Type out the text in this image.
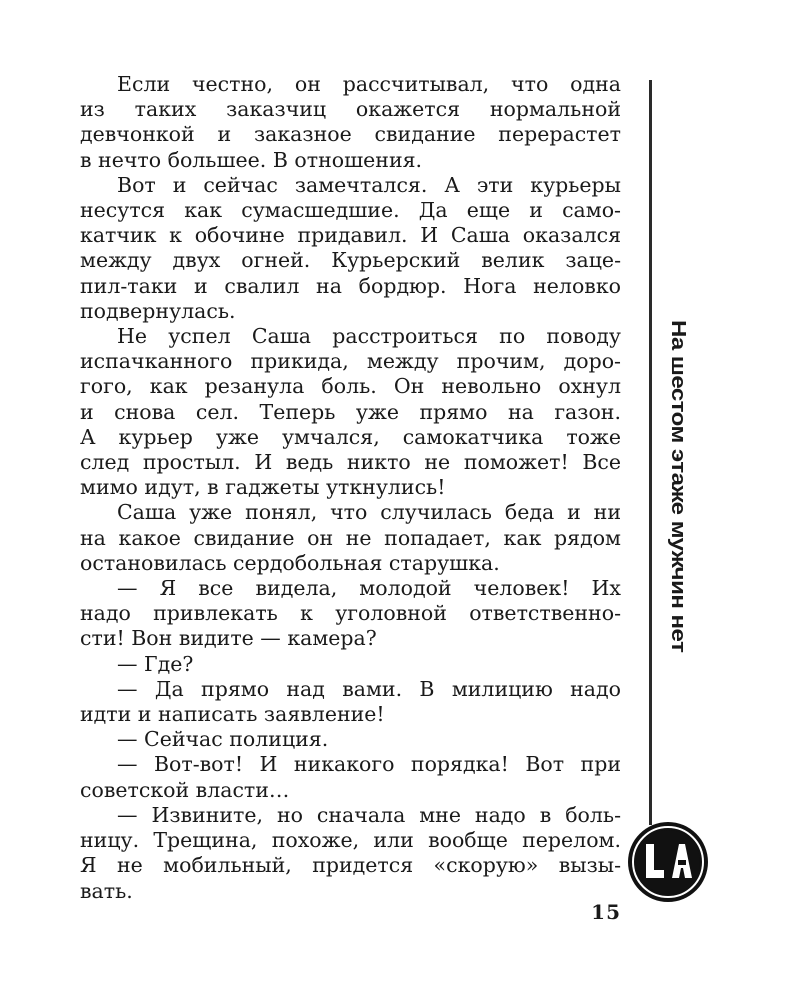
Если честно, он рассчитывал, что одна
из таких заказчиц окажется нормальной
девчонкой и заказное свидание перерастет
в нечто большее. В отношения.
Вот и сейчас замечтался. А эти курьеры
несутся как сумасшедшие. Да еще и само-
катчик к обочине придавил. И Саша оказался
между двух огней. Курьерский велик зацe-
пил-таки и свалил на бордюр. Нога неловко
подвернулась.
Не успел Саша расстроиться по поводу
испачканного прикида, между прочим, доро-
гого, как резанула боль. Он невольно охнул
и снова сел. Теперь уже прямо на газон.
А курьер уже умчался, самокатчика тоже
след простыл. И ведь никто не поможет! Все
мимо идут, в гаджеты уткнулись!
Саша уже понял, что случилась беда и ни
на какое свидание он не попадает, как рядом
остановилась сердобольная старушка.
— Я все видела, молодой человек! Их
надо привлекать к уголовной ответственно-
сти! Вон видите — камера?
— Где?
— Да прямо над вами. В милицию надо
идти и написать заявление!
— Сейчас полиция.
— Вот-вот! И никакого порядка! Вот при
советской власти…
— Извините, но сначала мне надо в боль-
ницу. Трещина, похоже, или вообще перелом.
Я не мобильный, придется «скорую» вызы-
вать.
На шестом этаже мужчин нет
15
